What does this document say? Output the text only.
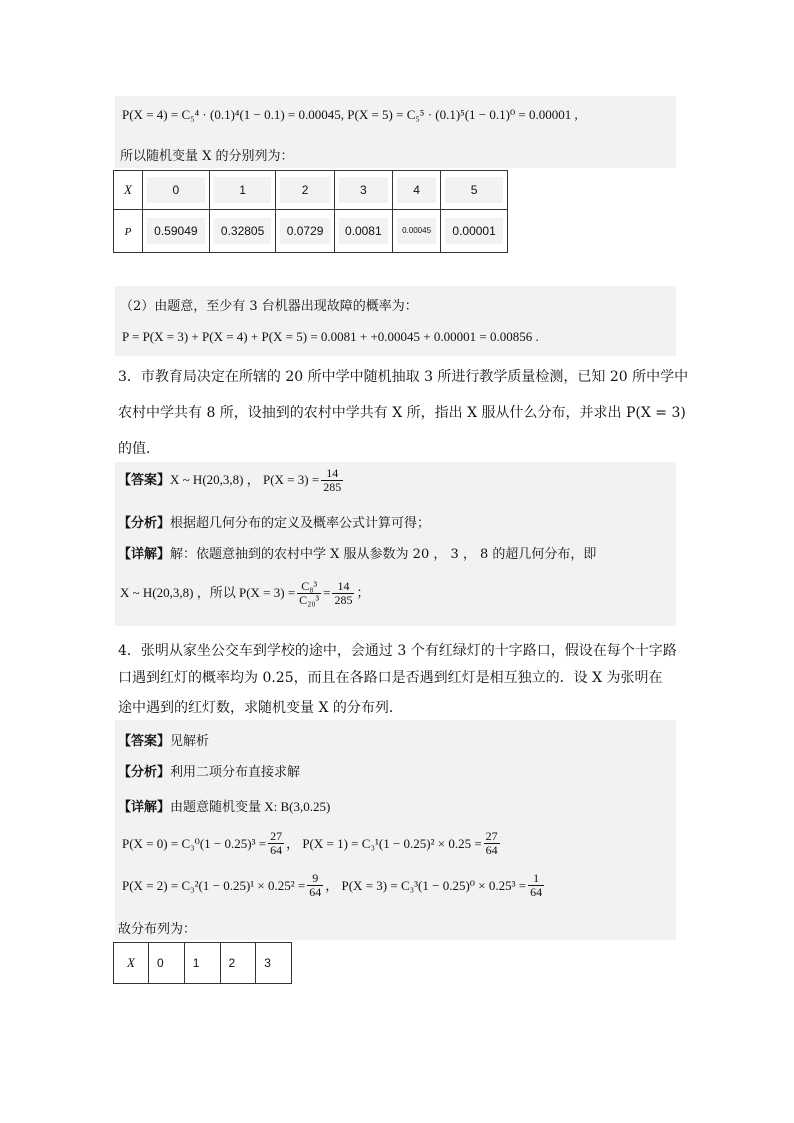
P(X = 4) = C₅⁴ · (0.1)⁴(1 − 0.1) = 0.00045, P(X = 5) = C₅⁵ · (0.1)⁵(1 − 0.1)⁰ = 0.00001 ,
所以随机变量 X 的分别列为：
X	0	1	2	3	4	5

P	0.59049	0.32805	0.0729	0.0081	0.00045	0.00001
（2）由题意，至少有 3 台机器出现故障的概率为：
P = P(X = 3) + P(X = 4) + P(X = 5) = 0.0081 + +0.00045 + 0.00001 = 0.00856 .
3．市教育局决定在所辖的 20 所中学中随机抽取 3 所进行教学质量检测，已知 20 所中学中
农村中学共有 8 所，设抽到的农村中学共有 X 所，指出 X 服从什么分布，并求出 P(X = 3)
的值．
【答案】X ~ H(20,3,8) ， $P(X = 3) = \frac{14}{285}$
【分析】根据超几何分布的定义及概率公式计算可得；
【详解】解：依题意抽到的农村中学 X 服从参数为 20 ， 3 ， 8 的超几何分布，即
X ~ H(20,3,8) ，所以 $P(X = 3) = \frac{\text{C₈³}}{\text{C₂₀³}} = \frac{14}{285}$ ；
4．张明从家坐公交车到学校的途中，会通过 3 个有红绿灯的十字路口，假设在每个十字路
口遇到红灯的概率均为 0.25，而且在各路口是否遇到红灯是相互独立的．设 X 为张明在
途中遇到的红灯数，求随机变量 X 的分布列．
【答案】见解析
【分析】利用二项分布直接求解
【详解】由题意随机变量 X: B(3,0.25)
$P(X = 0) = C_3^0(1 - 0.25)^3 = \frac{27}{64}$ ， $P(X = 1) = C_3^1(1 - 0.25)^2 \times 0.25 = \frac{27}{64}$
$P(X = 2) = C_3^2(1 - 0.25)^1 \times 0.25^2 = \frac{9}{64}$ ， $P(X = 3) = C_3^3(1 - 0.25)^0 \times 0.25^3 = \frac{1}{64}$
故分布列为：
X	0	1	2	3
